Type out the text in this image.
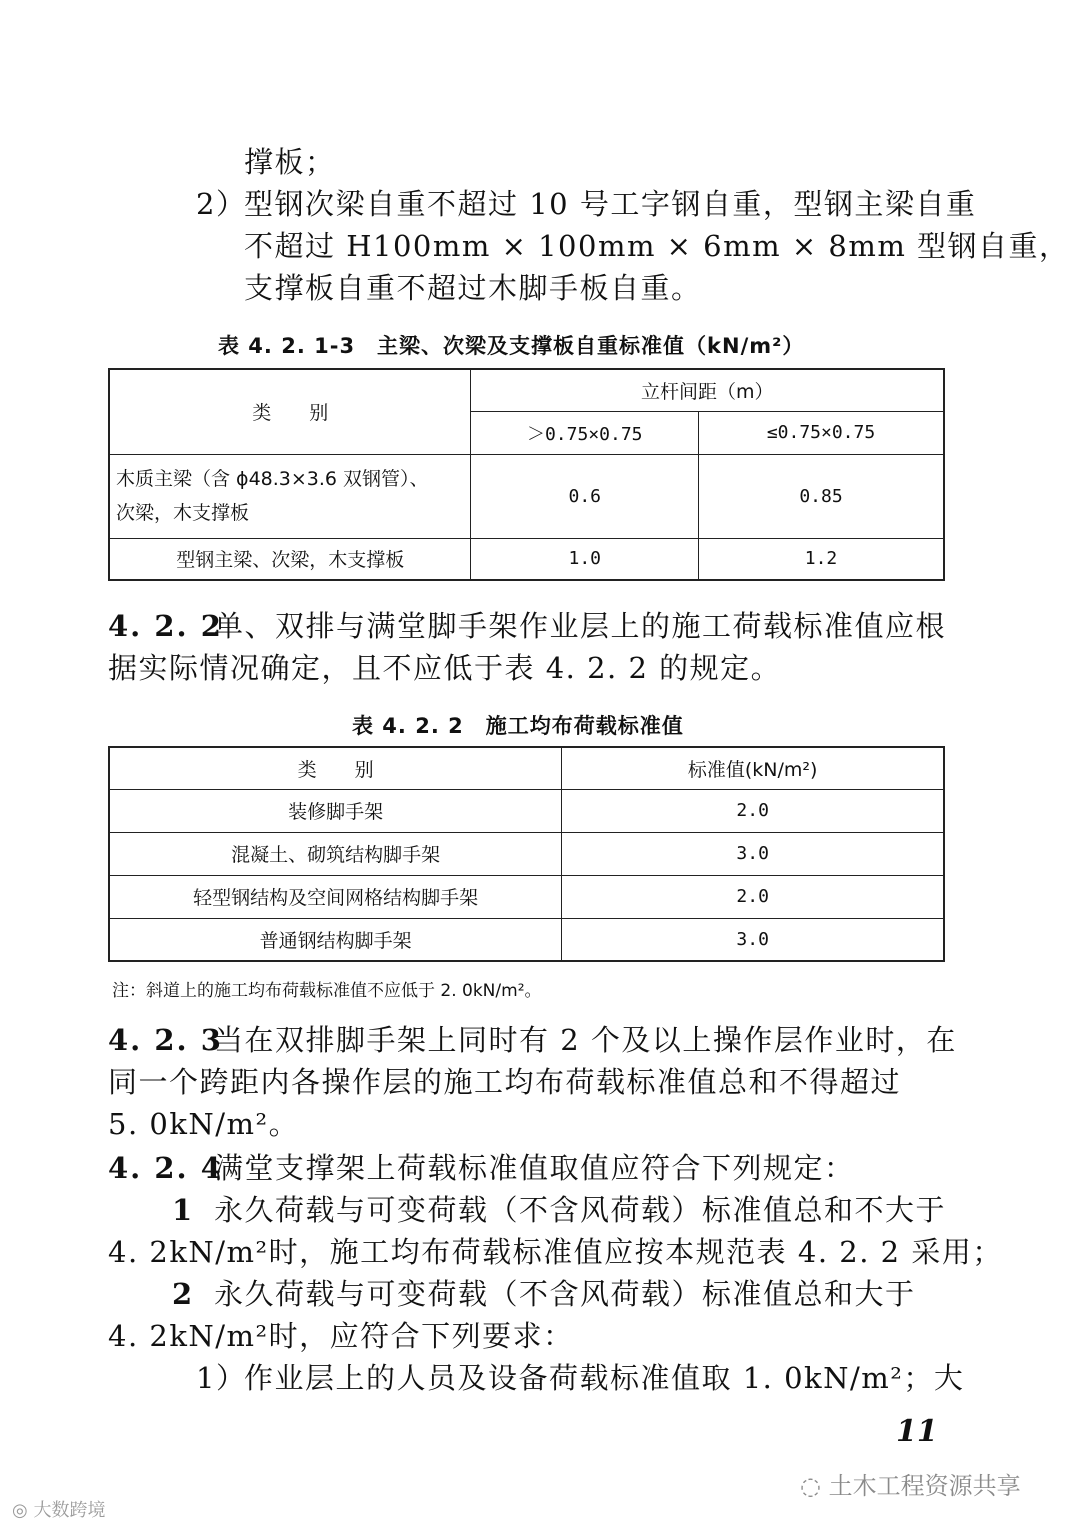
撑板；
2）
型钢次梁自重不超过 10 号工字钢自重，型钢主梁自重
不超过 H100mm × 100mm × 6mm × 8mm 型钢自重，
支撑板自重不超过木脚手板自重。
表 4. 2. 1-3　主梁、次梁及支撑板自重标准值（kN/m²）
类　　别	立杆间距（m）	
	＞0.75×0.75	≤0.75×0.75

木质主梁（含 ϕ48.3×3.6 双钢管）、
次梁，木支撑板	0.6	0.85
型钢主梁、次梁，木支撑板	1.0	1.2
4. 2. 2
单、双排与满堂脚手架作业层上的施工荷载标准值应根
据实际情况确定，且不应低于表 4. 2. 2 的规定。
表 4. 2. 2　施工均布荷载标准值
类　　别	标准值(kN/m²)
装修脚手架	2.0
混凝土、砌筑结构脚手架	3.0
轻型钢结构及空间网格结构脚手架	2.0
普通钢结构脚手架	3.0
注：斜道上的施工均布荷载标准值不应低于 2. 0kN/m²。
4. 2. 3
当在双排脚手架上同时有 2 个及以上操作层作业时，在
同一个跨距内各操作层的施工均布荷载标准值总和不得超过
5. 0kN/m²。
4. 2. 4
满堂支撑架上荷载标准值取值应符合下列规定：
1 永久荷载与可变荷载（不含风荷载）标准值总和不大于
4. 2kN/m²时，施工均布荷载标准值应按本规范表 4. 2. 2 采用；
2 永久荷载与可变荷载（不含风荷载）标准值总和大于
4. 2kN/m²时，应符合下列要求：
1）
作业层上的人员及设备荷载标准值取 1. 0kN/m²；大
11
◌ 土木工程资源共享
◎ 大数跨境
